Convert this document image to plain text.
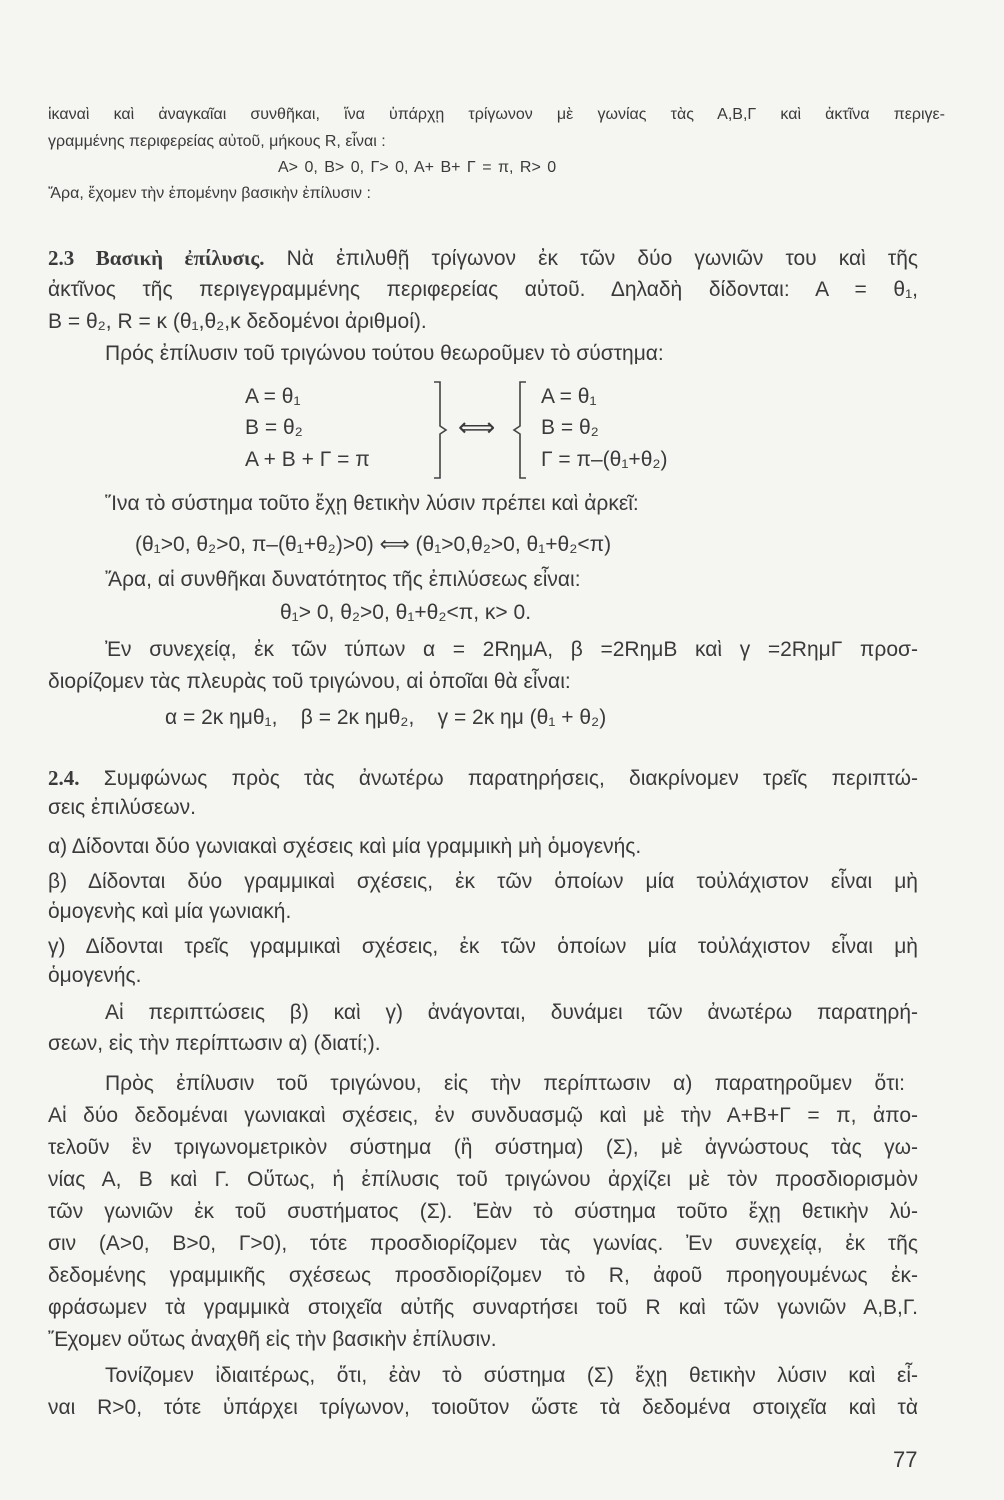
ἱκαναὶ καὶ ἀναγκαῖαι συνθῆκαι, ἵνα ὑπάρχῃ τρίγωνον μὲ γωνίας τὰς Α,Β,Γ καὶ ἀκτῖνα περιγε-
γραμμένης περιφερείας αὐτοῦ, μήκους R, εἶναι :
Α> 0, Β> 0, Γ> 0, Α+ Β+ Γ = π, R> 0
Ἄρα, ἔχομεν τὴν ἑπομένην βασικὴν ἐπίλυσιν :
2.3 Βασικὴ ἐπίλυσις. Νὰ ἐπιλυθῇ τρίγωνον ἐκ τῶν δύο γωνιῶν του καὶ τῆς
ἀκτῖνος τῆς περιγεγραμμένης περιφερείας αὐτοῦ. Δηλαδὴ δίδονται: Α = θ₁,
Β = θ₂, R = κ (θ₁,θ₂,κ δεδομένοι ἀριθμοί).
Πρός ἐπίλυσιν τοῦ τριγώνου τούτου θεωροῦμεν τὸ σύστημα:
Α = θ₁
Β = θ₂
Α + Β + Γ = π
⟺
Α = θ₁
Β = θ₂
Γ = π–(θ₁+θ₂)
Ἵνα τὸ σύστημα τοῦτο ἔχῃ θετικὴν λύσιν πρέπει καὶ ἀρκεῖ:
(θ₁>0, θ₂>0, π–(θ₁+θ₂)>0) ⟺ (θ₁>0,θ₂>0, θ₁+θ₂<π)
Ἄρα, αἱ συνθῆκαι δυνατότητος τῆς ἐπιλύσεως εἶναι:
θ₁> 0, θ₂>0, θ₁+θ₂<π, κ> 0.
Ἐν συνεχείᾳ, ἐκ τῶν τύπων α = 2RημΑ, β =2RημΒ καὶ γ =2RημΓ προσ-
διορίζομεν τὰς πλευρὰς τοῦ τριγώνου, αἱ ὁποῖαι θὰ εἶναι:
α = 2κ ημθ₁,    β = 2κ ημθ₂,    γ = 2κ ημ (θ₁ + θ₂)
2.4. Συμφώνως πρὸς τὰς ἀνωτέρω παρατηρήσεις, διακρίνομεν τρεῖς περιπτώ-
σεις ἐπιλύσεων.
α) Δίδονται δύο γωνιακαὶ σχέσεις καὶ μία γραμμικὴ μὴ ὁμογενής.
β) Δίδονται δύο γραμμικαὶ σχέσεις, ἐκ τῶν ὁποίων μία τοὐλάχιστον εἶναι μὴ
ὁμογενὴς καὶ μία γωνιακή.
γ) Δίδονται τρεῖς γραμμικαὶ σχέσεις, ἐκ τῶν ὁποίων μία τοὐλάχιστον εἶναι μὴ
ὁμογενής.
Αἱ περιπτώσεις β) καὶ γ) ἀνάγονται, δυνάμει τῶν ἀνωτέρω παρατηρή-
σεων, εἰς τὴν περίπτωσιν α) (διατί;).
Πρὸς ἐπίλυσιν τοῦ τριγώνου, εἰς τὴν περίπτωσιν α) παρατηροῦμεν ὅτι:
Αἱ δύο δεδομέναι γωνιακαὶ σχέσεις, ἐν συνδυασμῷ καὶ μὲ τὴν Α+Β+Γ = π, ἀπο-
τελοῦν ἓν τριγωνομετρικὸν σύστημα (ἢ σύστημα) (Σ), μὲ ἀγνώστους τὰς γω-
νίας Α, Β καὶ Γ. Οὕτως, ἡ ἐπίλυσις τοῦ τριγώνου ἀρχίζει μὲ τὸν προσδιορισμὸν
τῶν γωνιῶν ἐκ τοῦ συστήματος (Σ). Ἐὰν τὸ σύστημα τοῦτο ἔχῃ θετικὴν λύ-
σιν (Α>0, Β>0, Γ>0), τότε προσδιορίζομεν τὰς γωνίας. Ἐν συνεχείᾳ, ἐκ τῆς
δεδομένης γραμμικῆς σχέσεως προσδιορίζομεν τὸ R, ἀφοῦ προηγουμένως ἐκ-
φράσωμεν τὰ γραμμικὰ στοιχεῖα αὐτῆς συναρτήσει τοῦ R καὶ τῶν γωνιῶν Α,Β,Γ.
Ἔχομεν οὕτως ἀναχθῆ εἰς τὴν βασικὴν ἐπίλυσιν.
Τονίζομεν ἰδιαιτέρως, ὅτι, ἐὰν τὸ σύστημα (Σ) ἔχῃ θετικὴν λύσιν καὶ εἶ-
ναι R>0, τότε ὑπάρχει τρίγωνον, τοιοῦτον ὥστε τὰ δεδομένα στοιχεῖα καὶ τὰ
77
